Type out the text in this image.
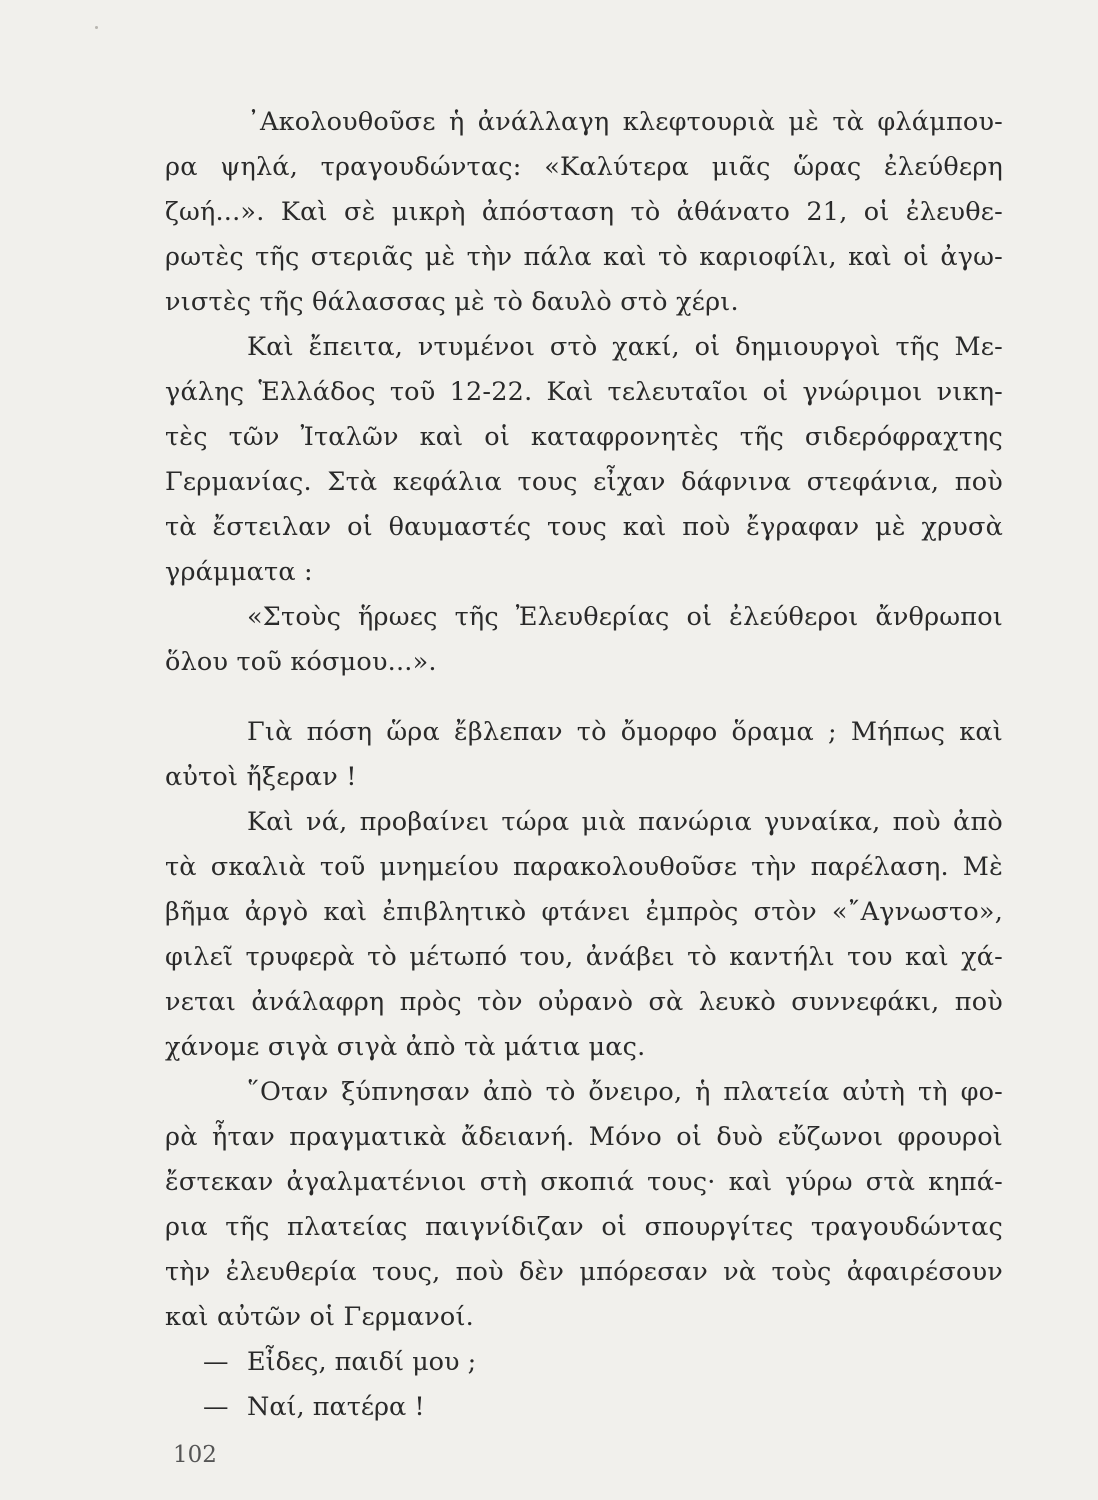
᾿Ακολουθοῦσε ἡ ἀνάλλαγη κλεφτουριὰ μὲ τὰ φλάμπου-
ρα ψηλά, τραγουδώντας: «Καλύτερα μιᾶς ὥρας ἐλεύθερη
ζωή...». Καὶ σὲ μικρὴ ἀπόσταση τὸ ἀθάνατο 21, οἱ ἐλευθε-
ρωτὲς τῆς στεριᾶς μὲ τὴν πάλα καὶ τὸ καριοφίλι, καὶ οἱ ἀγω-
νιστὲς τῆς θάλασσας μὲ τὸ δαυλὸ στὸ χέρι.
Καὶ ἔπειτα, ντυμένοι στὸ χακί, οἱ δημιουργοὶ τῆς Με-
γάλης Ἑλλάδος τοῦ 12-22. Καὶ τελευταῖοι οἱ γνώριμοι νικη-
τὲς τῶν Ἰταλῶν καὶ οἱ καταφρονητὲς τῆς σιδερόφραχτης
Γερμανίας. Στὰ κεφάλια τους εἶχαν δάφνινα στεφάνια, ποὺ
τὰ ἔστειλαν οἱ θαυμαστές τους καὶ ποὺ ἔγραφαν μὲ χρυσὰ
γράμματα :
«Στοὺς ἥρωες τῆς Ἐλευθερίας οἱ ἐλεύθεροι ἄνθρωποι
ὅλου τοῦ κόσμου...».
Γιὰ πόση ὥρα ἔβλεπαν τὸ ὄμορφο ὅραμα ; Μήπως καὶ
αὐτοὶ ἤξεραν !
Καὶ νά, προβαίνει τώρα μιὰ πανώρια γυναίκα, ποὺ ἀπὸ
τὰ σκαλιὰ τοῦ μνημείου παρακολουθοῦσε τὴν παρέλαση. Μὲ
βῆμα ἀργὸ καὶ ἐπιβλητικὸ φτάνει ἐμπρὸς στὸν «῎Αγνωστο»,
φιλεῖ τρυφερὰ τὸ μέτωπό του, ἀνάβει τὸ καντήλι του καὶ χά-
νεται ἀνάλαφρη πρὸς τὸν οὐρανὸ σὰ λευκὸ συννεφάκι, ποὺ
χάνομε σιγὰ σιγὰ ἀπὸ τὰ μάτια μας.
῞Οταν ξύπνησαν ἀπὸ τὸ ὄνειρο, ἡ πλατεία αὐτὴ τὴ φο-
ρὰ ἦταν πραγματικὰ ἄδειανή. Μόνο οἱ δυὸ εὔζωνοι φρουροὶ
ἔστεκαν ἀγαλματένιοι στὴ σκοπιά τους· καὶ γύρω στὰ κηπά-
ρια τῆς πλατείας παιγνίδιζαν οἱ σπουργίτες τραγουδώντας
τὴν ἐλευθερία τους, ποὺ δὲν μπόρεσαν νὰ τοὺς ἀφαιρέσουν
καὶ αὐτῶν οἱ Γερμανοί.
— Εἶδες, παιδί μου ;
— Ναί, πατέρα !
102
